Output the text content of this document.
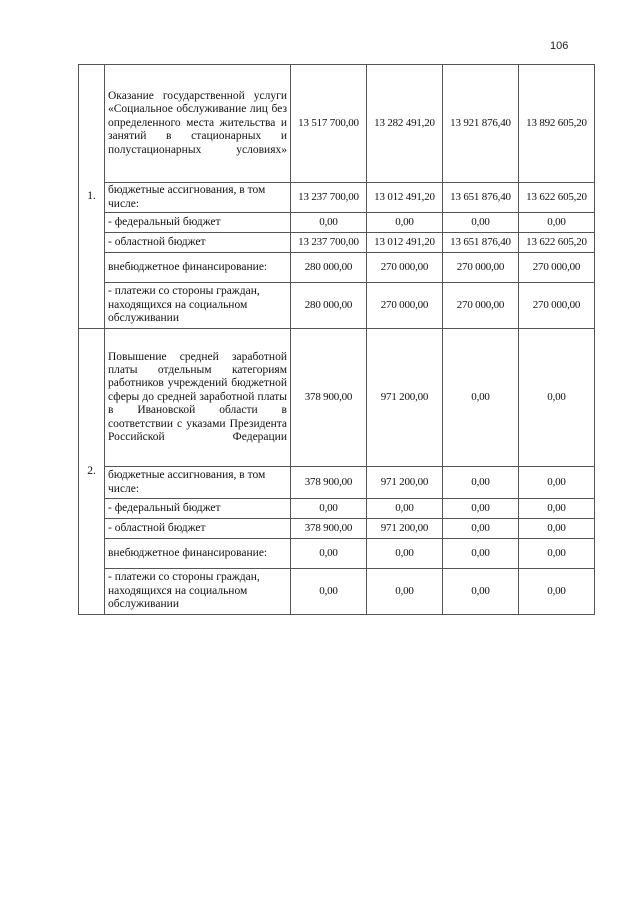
106
1.	Оказание государственной услуги «Социальное обслуживание лиц без определенного места жительства и занятий в стационарных и полустационарных условиях»	13 517 700,00	13 282 491,20	13 921 876,40	13 892 605,20
	бюджетные ассигнования, в том числе:	13 237 700,00	13 012 491,20	13 651 876,40	13 622 605,20
	- федеральный бюджет	0,00	0,00	0,00	0,00
	- областной бюджет	13 237 700,00	13 012 491,20	13 651 876,40	13 622 605,20
	внебюджетное финансирование:	280 000,00	270 000,00	270 000,00	270 000,00
	- платежи со стороны граждан, находящихся на социальном обслуживании	280 000,00	270 000,00	270 000,00	270 000,00
2.	Повышение средней заработной платы отдельным категориям работников учреждений бюджетной сферы до средней заработной платы в Ивановской области в соответствии с указами Президента Российской Федерации	378 900,00	971 200,00	0,00	0,00
	бюджетные ассигнования, в том числе:	378 900,00	971 200,00	0,00	0,00
	- федеральный бюджет	0,00	0,00	0,00	0,00
	- областной бюджет	378 900,00	971 200,00	0,00	0,00
	внебюджетное финансирование:	0,00	0,00	0,00	0,00
	- платежи со стороны граждан, находящихся на социальном обслуживании	0,00	0,00	0,00	0,00
